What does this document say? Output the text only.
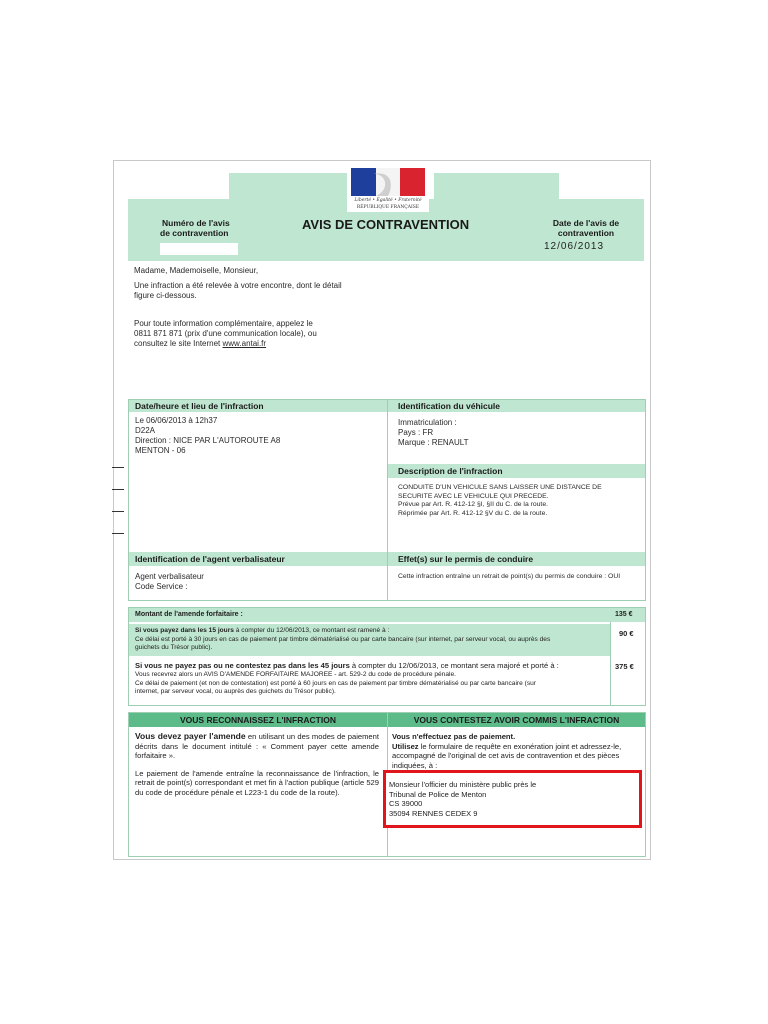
Liberté • Égalité • Fraternité
RÉPUBLIQUE FRANÇAISE
Numéro de l'avis
de contravention
AVIS DE CONTRAVENTION	Date de l'avis de
contravention
12/06/2013
Madame, Mademoiselle, Monsieur,
Une infraction a été relevée à votre encontre, dont le détail
figure ci-dessous.
Pour toute information complémentaire, appelez le
0811 871 871 (prix d'une communication locale), ou
consultez le site Internet www.antai.fr
Date/heure et lieu de l'infraction
Le 06/06/2013 à 12h37
D22A
Direction : NICE PAR L'AUTOROUTE A8
MENTON - 06
Identification du véhicule
Immatriculation :
Pays : FR
Marque : RENAULT
Description de l'infraction
CONDUITE D'UN VEHICULE SANS LAISSER UNE DISTANCE DE
SECURITE AVEC LE VEHICULE QUI PRECEDE.
Prévue par Art. R. 412-12 §I, §II du C. de la route.
Réprimée par Art. R. 412-12 §V du C. de la route.
Identification de l'agent verbalisateur
Agent verbalisateur
Code Service :
Effet(s) sur le permis de conduire
Cette infraction entraîne un retrait de point(s) du permis de conduire : OUI
Montant de l'amende forfaitaire :	135 €
Si vous payez dans les 15 jours à compter du 12/06/2013, ce montant est ramené à :
Ce délai est porté à 30 jours en cas de paiement par timbre dématérialisé ou par carte bancaire (sur internet, par serveur vocal, ou auprès des
guichets du Trésor public).
90 €
Si vous ne payez pas ou ne contestez pas dans les 45 jours à compter du 12/06/2013, ce montant sera majoré et porté à :
Vous recevrez alors un AVIS D'AMENDE FORFAITAIRE MAJOREE - art. 529-2 du code de procédure pénale.
Ce délai de paiement (et non de contestation) est porté à 60 jours en cas de paiement par timbre dématérialisé ou par carte bancaire (sur
internet, par serveur vocal, ou auprès des guichets du Trésor public).
375 €
VOUS RECONNAISSEZ L'INFRACTION	VOUS CONTESTEZ AVOIR COMMIS L'INFRACTION
Vous devez payer l'amende en utilisant un des modes de paiement décrits dans le document intitulé : « Comment payer cette amende forfaitaire ».
Le paiement de l'amende entraîne la reconnaissance de l'infraction, le retrait de point(s) correspondant et met fin à l'action publique (article 529 du code de procédure pénale et L223-1 du code de la route).
Vous n'effectuez pas de paiement.
Utilisez le formulaire de requête en exonération joint et adressez-le, accompagné de l'original de cet avis de contravention et des pièces indiquées, à :
Monsieur l'officier du ministère public près le
Tribunal de Police de Menton
CS 39000
35094 RENNES CEDEX 9
